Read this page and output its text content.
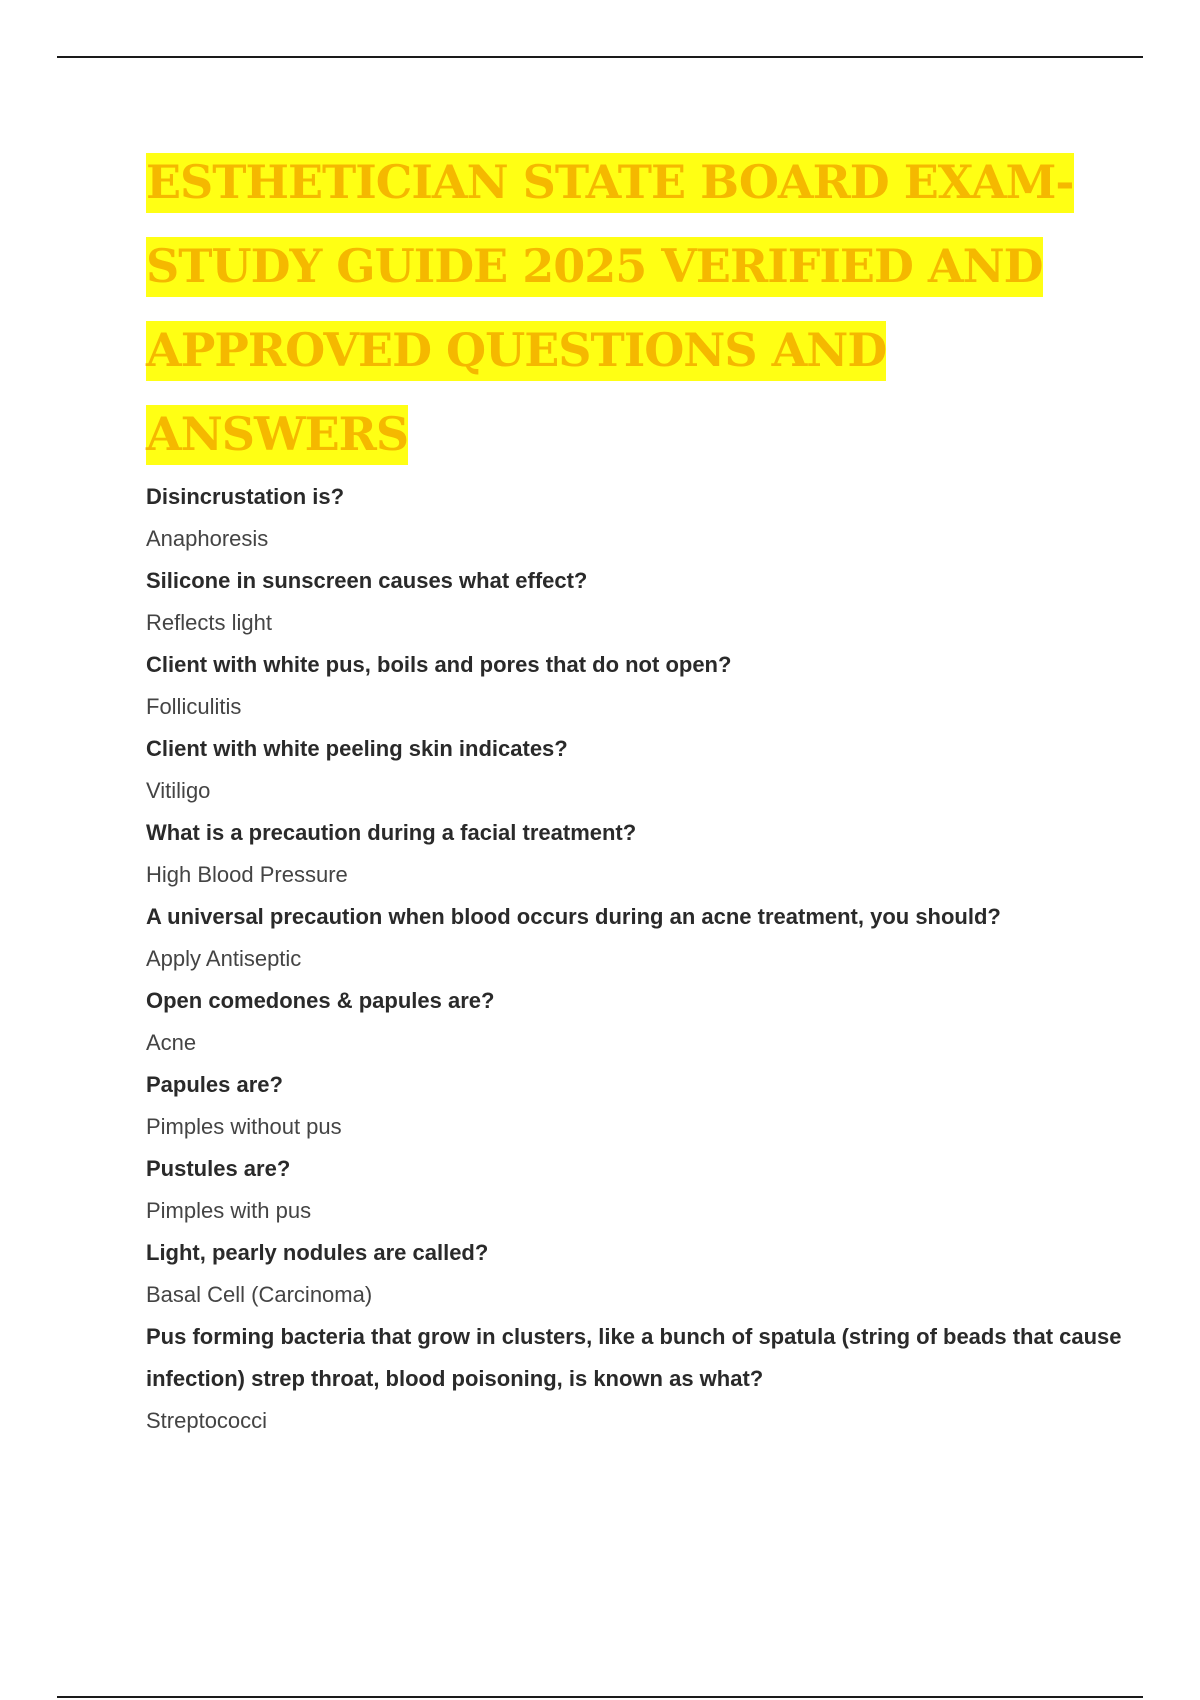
ESTHETICIAN STATE BOARD EXAM- STUDY GUIDE 2025 VERIFIED AND APPROVED QUESTIONS AND ANSWERS
Disincrustation is?
Anaphoresis
Silicone in sunscreen causes what effect?
Reflects light
Client with white pus, boils and pores that do not open?
Folliculitis
Client with white peeling skin indicates?
Vitiligo
What is a precaution during a facial treatment?
High Blood Pressure
A universal precaution when blood occurs during an acne treatment, you should?
Apply Antiseptic
Open comedones & papules are?
Acne
Papules are?
Pimples without pus
Pustules are?
Pimples with pus
Light, pearly nodules are called?
Basal Cell (Carcinoma)
Pus forming bacteria that grow in clusters, like a bunch of spatula (string of beads that cause infection) strep throat, blood poisoning, is known as what?
Streptococci
